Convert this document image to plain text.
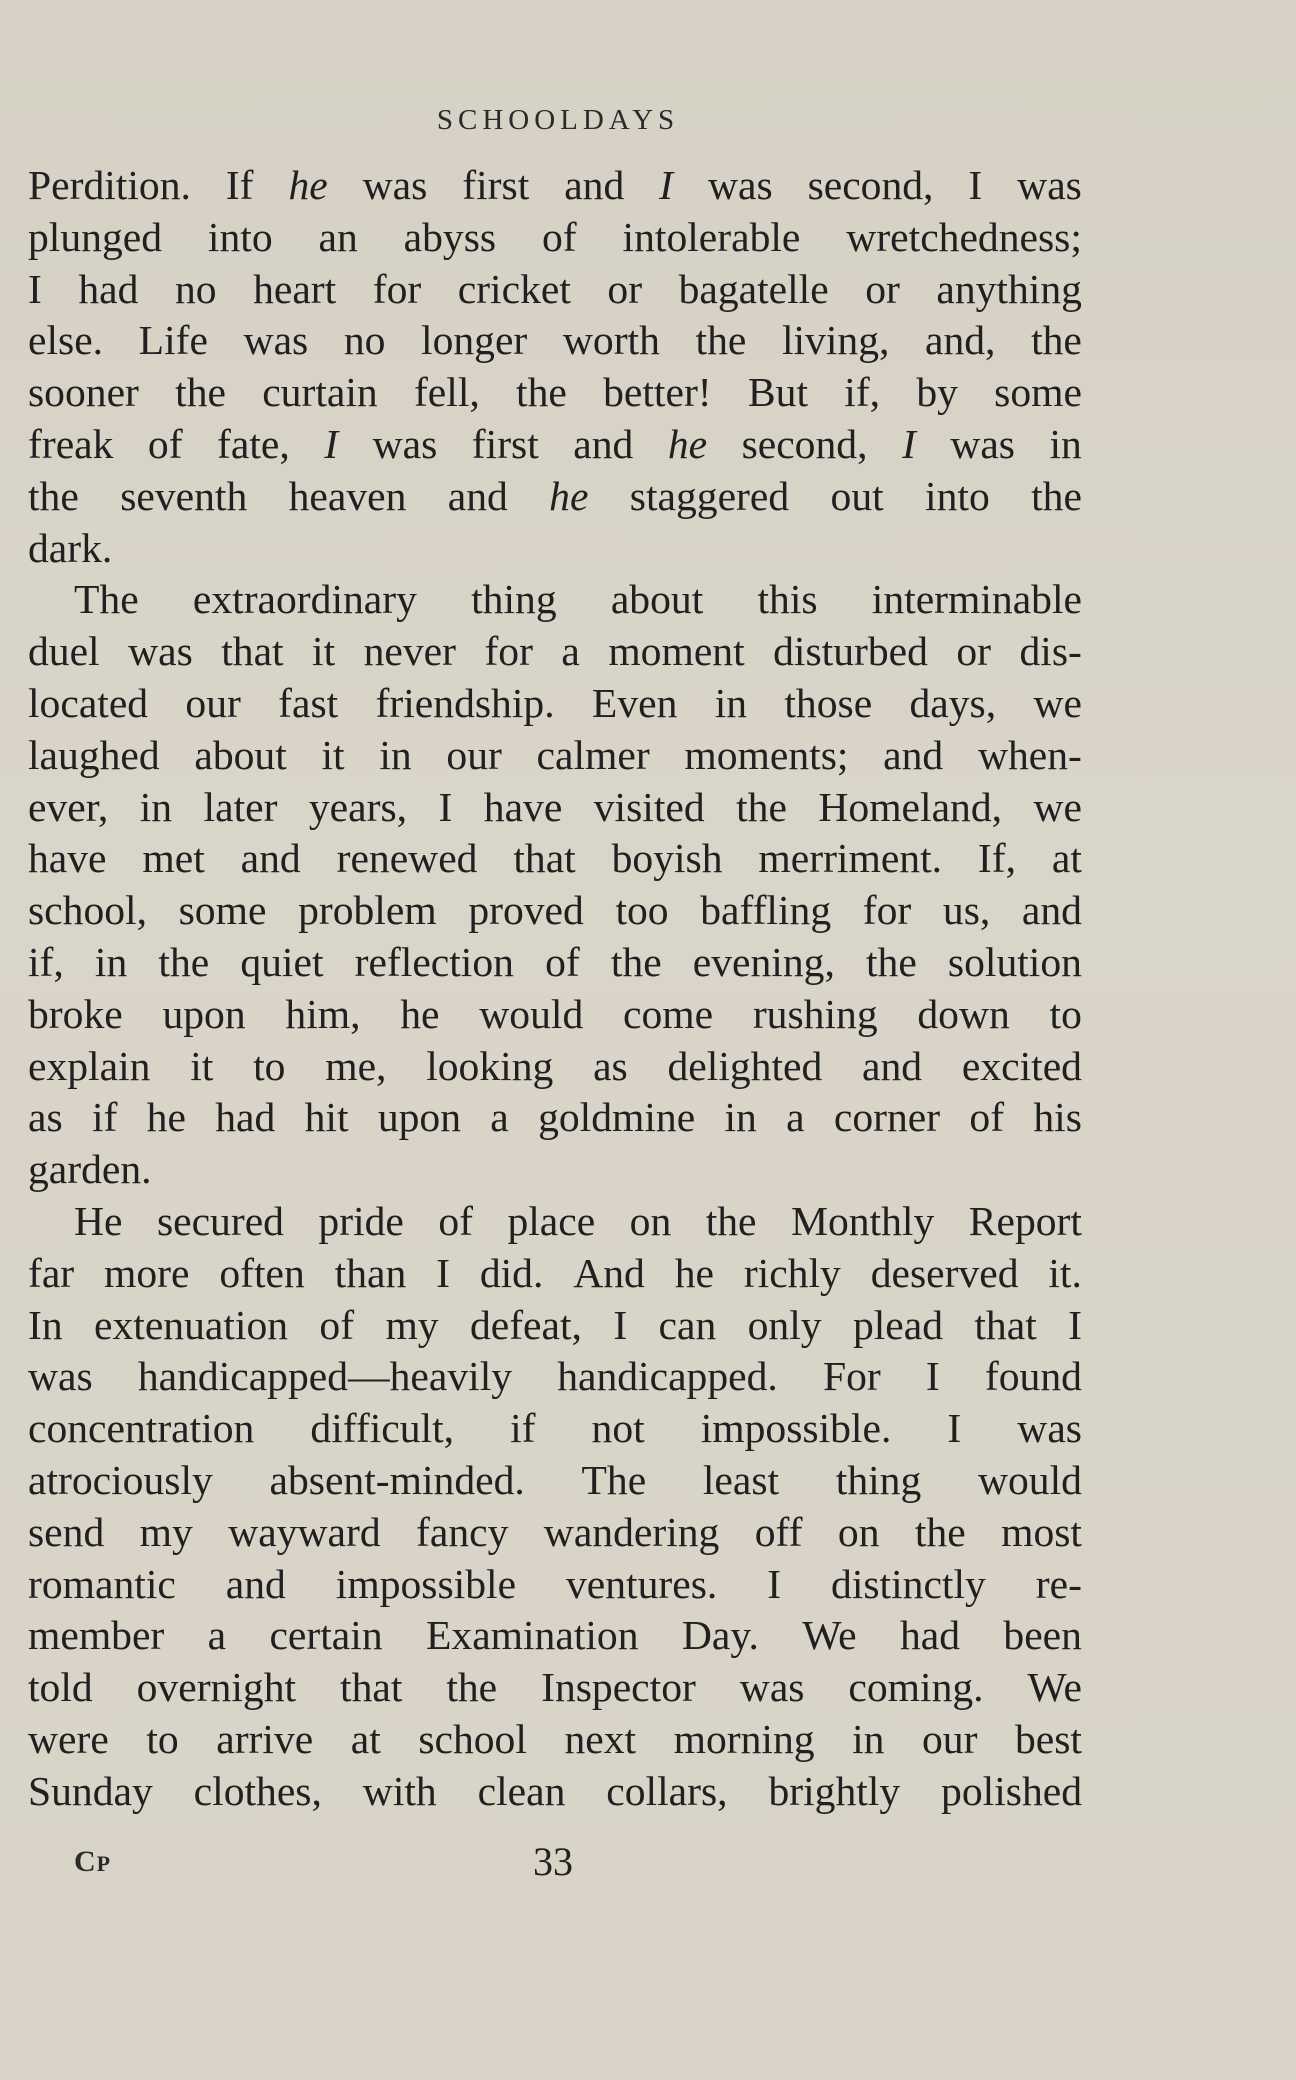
SCHOOLDAYS
Perdition. If he was first and I was second, I was
plunged into an abyss of intolerable wretchedness;
I had no heart for cricket or bagatelle or anything
else. Life was no longer worth the living, and, the
sooner the curtain fell, the better! But if, by some
freak of fate, I was first and he second, I was in
the seventh heaven and he staggered out into the
dark.
The extraordinary thing about this interminable
duel was that it never for a moment disturbed or dis-
located our fast friendship. Even in those days, we
laughed about it in our calmer moments; and when-
ever, in later years, I have visited the Homeland, we
have met and renewed that boyish merriment. If, at
school, some problem proved too baffling for us, and
if, in the quiet reflection of the evening, the solution
broke upon him, he would come rushing down to
explain it to me, looking as delighted and excited
as if he had hit upon a goldmine in a corner of his
garden.
He secured pride of place on the Monthly Report
far more often than I did. And he richly deserved it.
In extenuation of my defeat, I can only plead that I
was handicapped—heavily handicapped. For I found
concentration difficult, if not impossible. I was
atrociously absent-minded. The least thing would
send my wayward fancy wandering off on the most
romantic and impossible ventures. I distinctly re-
member a certain Examination Day. We had been
told overnight that the Inspector was coming. We
were to arrive at school next morning in our best
Sunday clothes, with clean collars, brightly polished
CP	33
